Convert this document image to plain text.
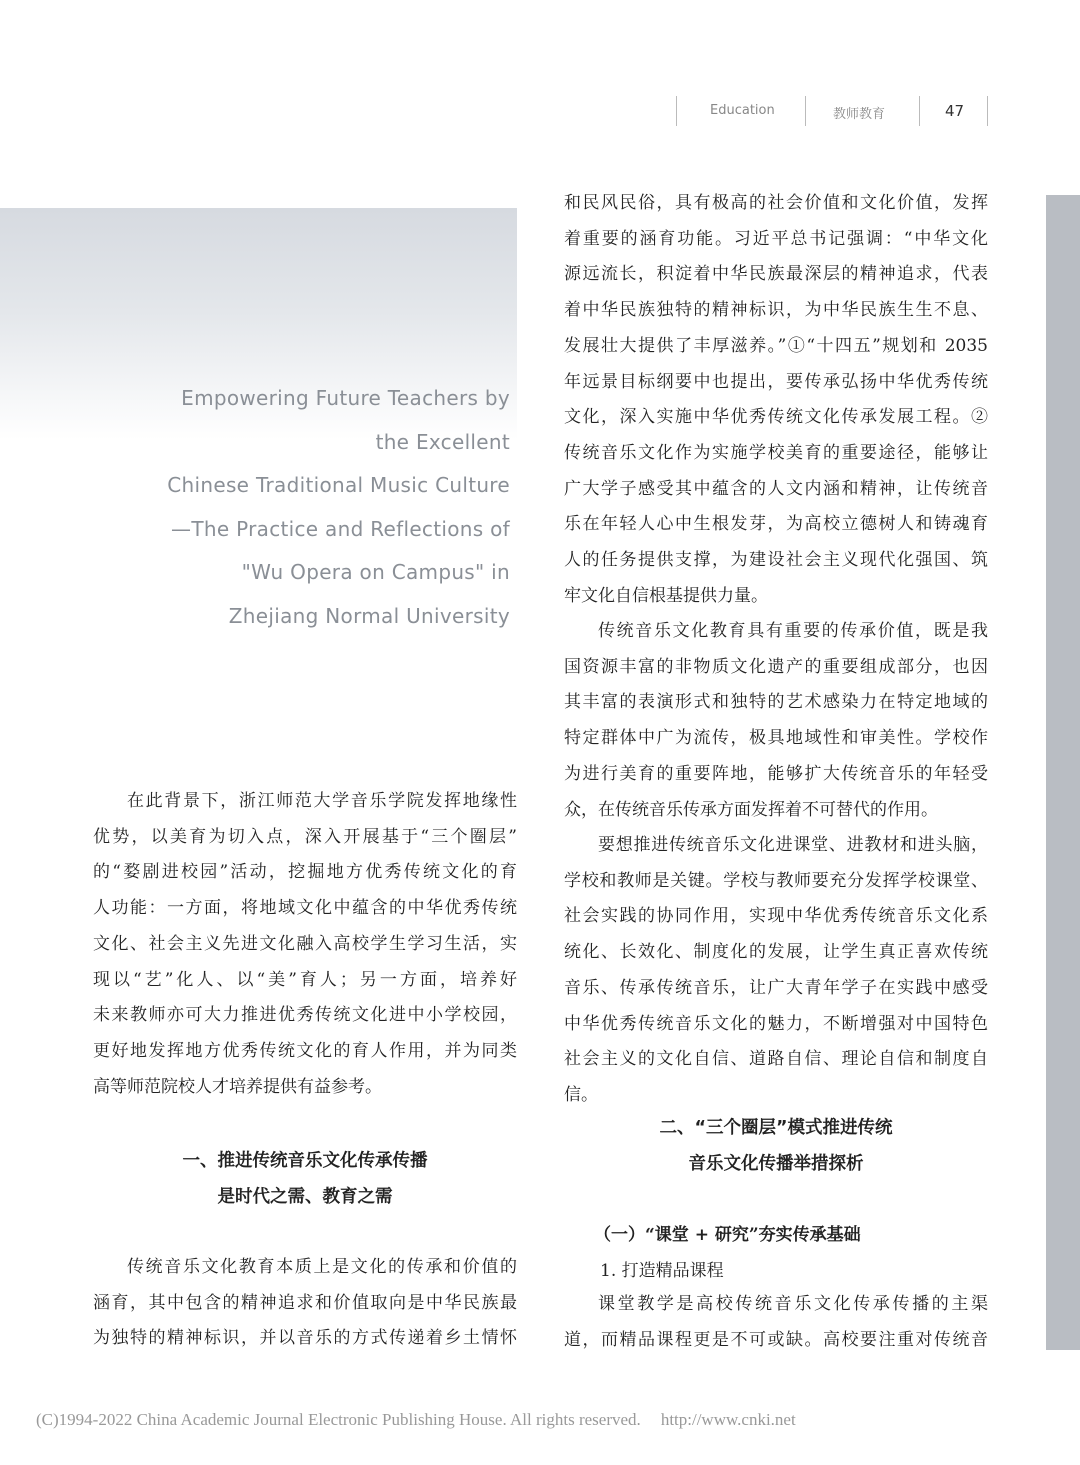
Education	教师教育	47
Empowering Future Teachers by
the Excellent
Chinese Traditional Music Culture
—The Practice and Reflections of
"Wu Opera on Campus" in
Zhejiang Normal University

在此背景下，浙江师范大学音乐学院发挥地缘性

优势，以美育为切入点，深入开展基于“三个圈层”

的“婺剧进校园”活动，挖掘地方优秀传统文化的育

人功能：一方面，将地域文化中蕴含的中华优秀传统

文化、社会主义先进文化融入高校学生学习生活，实

现以“艺”化人、以“美”育人；另一方面，培养好

未来教师亦可大力推进优秀传统文化进中小学校园，

更好地发挥地方优秀传统文化的育人作用，并为同类

高等师范院校人才培养提供有益参考。

一、推进传统音乐文化传承传播
是时代之需、教育之需

传统音乐文化教育本质上是文化的传承和价值的

涵育，其中包含的精神追求和价值取向是中华民族最

为独特的精神标识，并以音乐的方式传递着乡土情怀

和民风民俗，具有极高的社会价值和文化价值，发挥

着重要的涵育功能。习近平总书记强调：“中华文化

源远流长，积淀着中华民族最深层的精神追求，代表

着中华民族独特的精神标识，为中华民族生生不息、

发展壮大提供了丰厚滋养。”①“十四五”规划和 2035

年远景目标纲要中也提出，要传承弘扬中华优秀传统

文化，深入实施中华优秀传统文化传承发展工程。②

传统音乐文化作为实施学校美育的重要途径，能够让

广大学子感受其中蕴含的人文内涵和精神，让传统音

乐在年轻人心中生根发芽，为高校立德树人和铸魂育

人的任务提供支撑，为建设社会主义现代化强国、筑

牢文化自信根基提供力量。

传统音乐文化教育具有重要的传承价值，既是我

国资源丰富的非物质文化遗产的重要组成部分，也因

其丰富的表演形式和独特的艺术感染力在特定地域的

特定群体中广为流传，极具地域性和审美性。学校作

为进行美育的重要阵地，能够扩大传统音乐的年轻受

众，在传统音乐传承方面发挥着不可替代的作用。

要想推进传统音乐文化进课堂、进教材和进头脑，

学校和教师是关键。学校与教师要充分发挥学校课堂、

社会实践的协同作用，实现中华优秀传统音乐文化系

统化、长效化、制度化的发展，让学生真正喜欢传统

音乐、传承传统音乐，让广大青年学子在实践中感受

中华优秀传统音乐文化的魅力，不断增强对中国特色

社会主义的文化自信、道路自信、理论自信和制度自信。

二、“三个圈层”模式推进传统
音乐文化传播举措探析
（一）“课堂 + 研究”夯实传承基础
1. 打造精品课程

课堂教学是高校传统音乐文化传承传播的主渠

道，而精品课程更是不可或缺。高校要注重对传统音

(C)1994-2022 China Academic Journal Electronic Publishing House. All rights reserved. http://www.cnki.net
